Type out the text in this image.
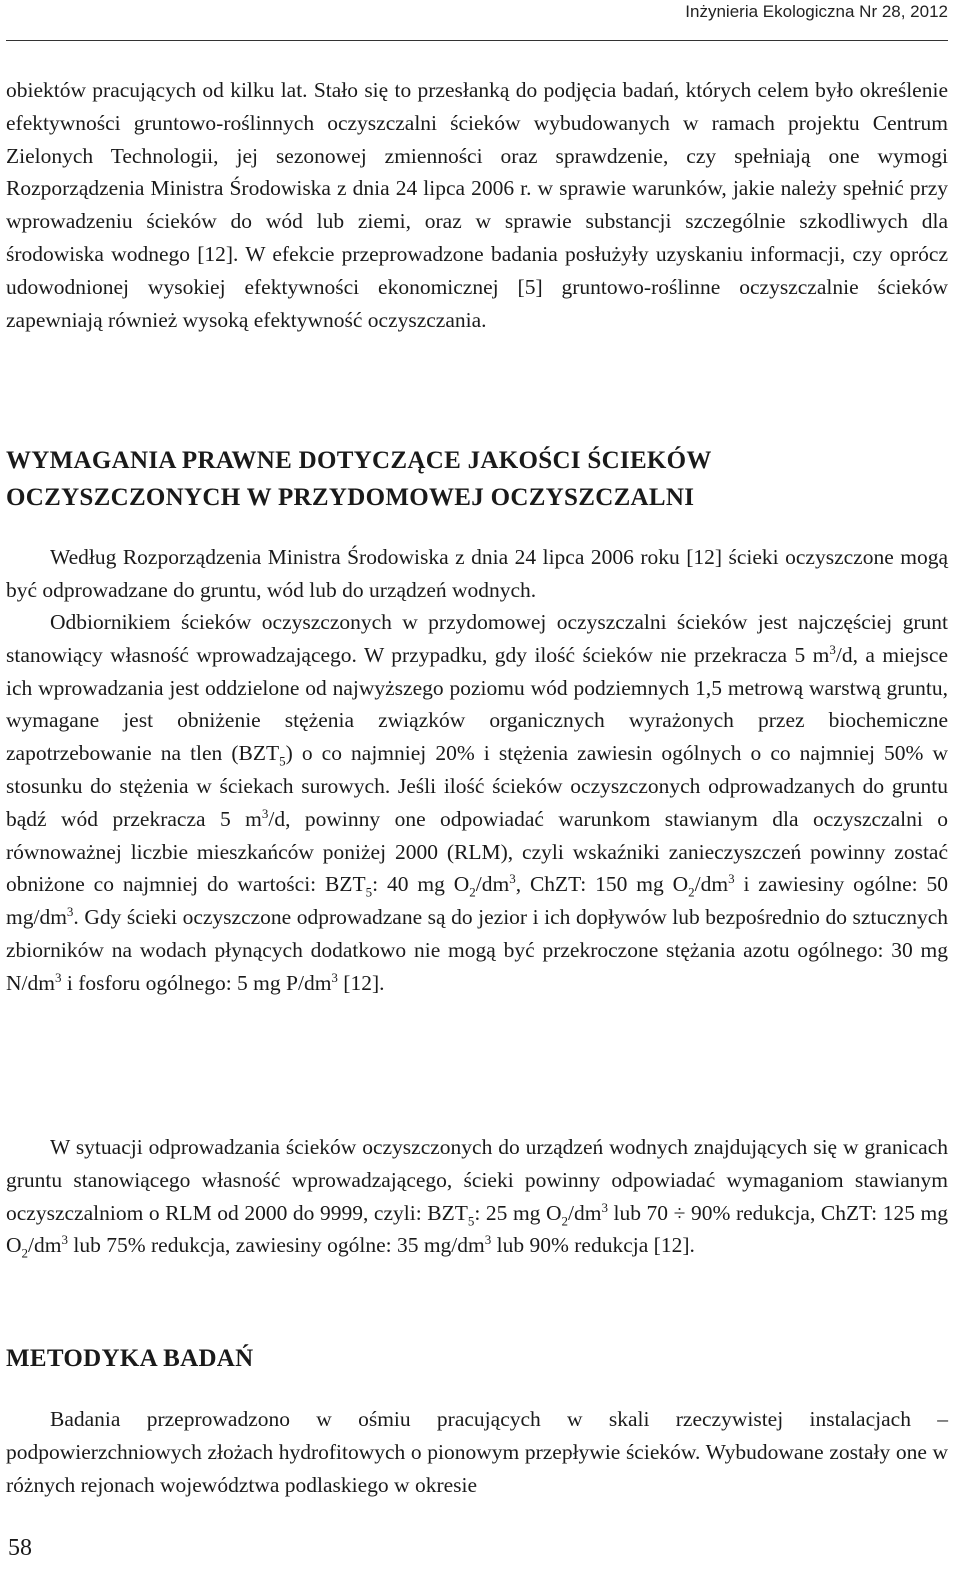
Inżynieria Ekologiczna Nr 28, 2012

obiektów pracujących od kilku lat. Stało się to przesłanką do podjęcia badań, których celem było określenie efektywności gruntowo-roślinnych oczyszczalni ścieków wybudowanych w ramach projektu Centrum Zielonych Technologii, jej sezonowej zmienności oraz sprawdzenie, czy spełniają one wymogi Rozporządzenia Ministra Środowiska z dnia 24 lipca 2006 r. w sprawie warunków, jakie należy spełnić przy wprowadzeniu ścieków do wód lub ziemi, oraz w sprawie substancji szczególnie szkodliwych dla środowiska wodnego [12]. W efekcie przeprowadzone badania posłużyły uzyskaniu informacji, czy oprócz udowodnionej wysokiej efektywności ekonomicznej [5] gruntowo-roślinne oczyszczalnie ścieków zapewniają również wysoką efektywność oczyszczania.

WYMAGANIA PRAWNE DOTYCZĄCE JAKOŚCI ŚCIEKÓW
OCZYSZCZONYCH W PRZYDOMOWEJ OCZYSZCZALNI

Według Rozporządzenia Ministra Środowiska z dnia 24 lipca 2006 roku [12] ścieki oczyszczone mogą być odprowadzane do gruntu, wód lub do urządzeń wodnych.

Odbiornikiem ścieków oczyszczonych w przydomowej oczyszczalni ścieków jest najczęściej grunt stanowiący własność wprowadzającego. W przypadku, gdy ilość ścieków nie przekracza 5 $m^3/d$, a miejsce ich wprowadzania jest oddzielone od najwyższego poziomu wód podziemnych 1,5 metrową warstwą gruntu, wymagane jest obniżenie stężenia związków organicznych wyrażonych przez biochemiczne zapotrzebowanie na tlen $(BZT_5)$ o co najmniej 20% i stężenia zawiesin ogólnych o co najmniej 50% w stosunku do stężenia w ściekach surowych. Jeśli ilość ścieków oczyszczonych odprowadzanych do gruntu bądź wód przekracza 5 $m^3/d$, powinny one odpowiadać warunkom stawianym dla oczyszczalni o równoważnej liczbie mieszkańców poniżej 2000 (RLM), czyli wskaźniki zanieczyszczeń powinny zostać obniżone co najmniej do wartości: $BZT_5$: 40 mg $O_2/dm^3$, ChZT: 150 mg $O_2/dm^3$ i zawiesiny ogólne: 50 $mg/dm^3$. Gdy ścieki oczyszczone odprowadzane są do jezior i ich dopływów lub bezpośrednio do sztucznych zbiorników na wodach płynących dodatkowo nie mogą być przekroczone stężania azotu ogólnego: 30 mg $N/dm^3$ i fosforu ogólnego: 5 mg $P/dm^3$ [12].

W sytuacji odprowadzania ścieków oczyszczonych do urządzeń wodnych znajdujących się w granicach gruntu stanowiącego własność wprowadzającego, ścieki powinny odpowiadać wymaganiom stawianym oczyszczalniom o RLM od 2000 do 9999, czyli: $BZT_5$: 25 mg $O_2/dm^3$ lub 70 ÷ 90% redukcja, ChZT: 125 mg $O_2/dm^3$ lub 75% redukcja, zawiesiny ogólne: 35 $mg/dm^3$ lub 90% redukcja [12].

METODYKA BADAŃ

Badania przeprowadzono w ośmiu pracujących w skali rzeczywistej instalacjach –podpowierzchniowych złożach hydrofitowych o pionowym przepływie ścieków. Wybudowane zostały one w różnych rejonach województwa podlaskiego w okresie

58
